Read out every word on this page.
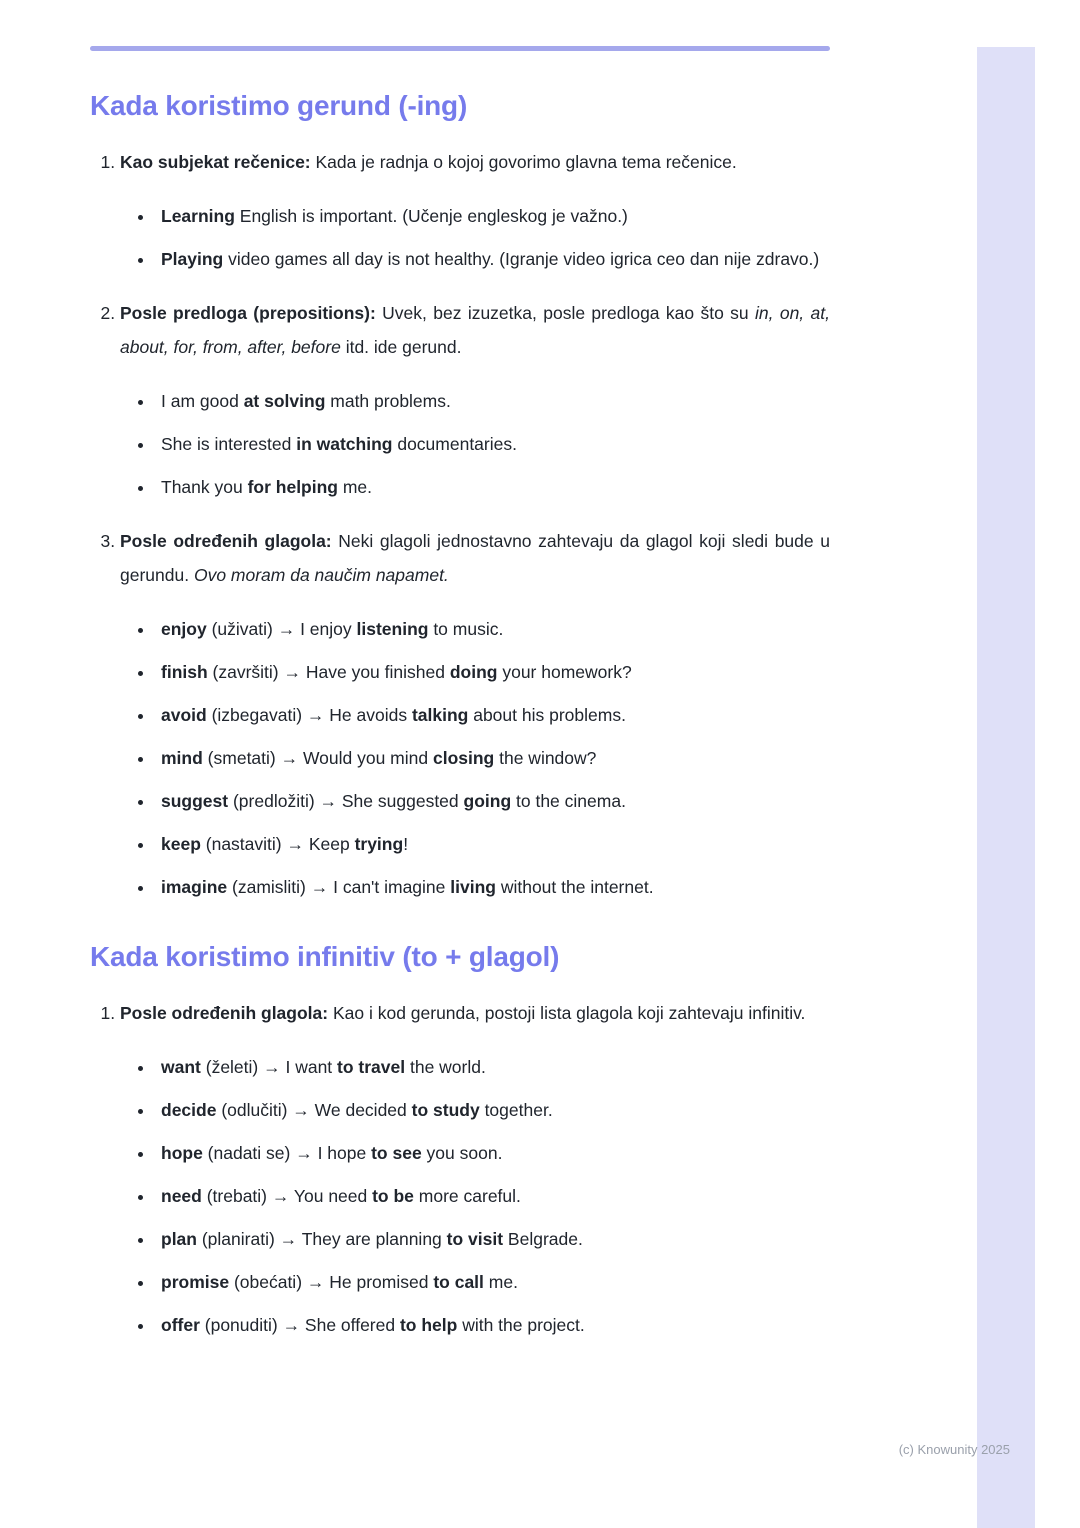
Kada koristimo gerund (-ing)

1. Kao subjekat rečenice: Kada je radnja o kojoj govorimo glavna tema rečenice.

• Learning English is important. (Učenje engleskog je važno.)
• Playing video games all day is not healthy. (Igranje video igrica ceo dan nije zdravo.)

2. Posle predloga (prepositions): Uvek, bez izuzetka, posle predloga kao što su in, on, at, about, for, from, after, before itd. ide gerund.

• I am good at solving math problems.
• She is interested in watching documentaries.
• Thank you for helping me.

3. Posle određenih glagola: Neki glagoli jednostavno zahtevaju da glagol koji sledi bude u gerundu. Ovo moram da naučim napamet.

• enjoy (uživati) → I enjoy listening to music.
• finish (završiti) → Have you finished doing your homework?
• avoid (izbegavati) → He avoids talking about his problems.
• mind (smetati) → Would you mind closing the window?
• suggest (predložiti) → She suggested going to the cinema.
• keep (nastaviti) → Keep trying!
• imagine (zamisliti) → I can't imagine living without the internet.
Kada koristimo infinitiv (to + glagol)

1. Posle određenih glagola: Kao i kod gerunda, postoji lista glagola koji zahtevaju infinitiv.

• want (želeti) → I want to travel the world.
• decide (odlučiti) → We decided to study together.
• hope (nadati se) → I hope to see you soon.
• need (trebati) → You need to be more careful.
• plan (planirati) → They are planning to visit Belgrade.
• promise (obećati) → He promised to call me.
• offer (ponuditi) → She offered to help with the project.
(c) Knowunity 2025
